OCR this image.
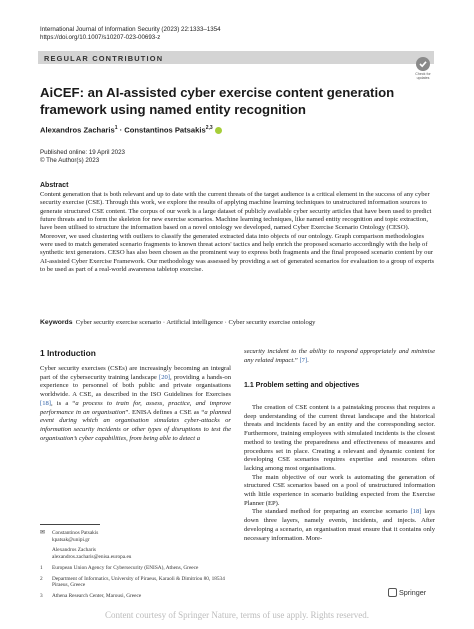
International Journal of Information Security (2023) 22:1333–1354
https://doi.org/10.1007/s10207-023-00693-z
REGULAR CONTRIBUTION
Check for
updates
AiCEF: an AI-assisted cyber exercise content generation framework using named entity recognition
Alexandros Zacharis$^1$ · Constantinos Patsakis$^{2,3}$
Published online: 19 April 2023
© The Author(s) 2023
Abstract

Content generation that is both relevant and up to date with the current threats of the target audience is a critical element in the success of any cyber security exercise (CSE). Through this work, we explore the results of applying machine learning techniques to unstructured information sources to generate structured CSE content. The corpus of our work is a large dataset of publicly available cyber security articles that have been used to predict future threats and to form the skeleton for new exercise scenarios. Machine learning techniques, like named entity recognition and topic extraction, have been utilised to structure the information based on a novel ontology we developed, named Cyber Exercise Scenario Ontology (CESO). Moreover, we used clustering with outliers to classify the generated extracted data into objects of our ontology. Graph comparison methodologies were used to match generated scenario fragments to known threat actors' tactics and help enrich the proposed scenario accordingly with the help of synthetic text generators. CESO has also been chosen as the prominent way to express both fragments and the final proposed scenario content by our AI-assisted Cyber Exercise Framework. Our methodology was assessed by providing a set of generated scenarios for evaluation to a group of experts to be used as part of a real-world awareness tabletop exercise.

Keywords Cyber security exercise scenario · Artificial intelligence · Cyber security exercise ontology
1 Introduction
Cyber security exercises (CSEs) are increasingly becoming an integral part of the cybersecurity training landscape [20], providing a hands-on experience to personnel of both public and private organisations worldwide. A CSE, as described in the ISO Guidelines for Exercises [18], is a “a process to train for, assess, practice, and improve performance in an organisation”. ENISA defines a CSE as “a planned event during which an organisation simulates cyber-attacks or information security incidents or other types of disruptions to test the organisation’s cyber capabilities, from being able to detect a
✉	Constantinos Patsakis
kpatsak@unipi.gr
Alexandros Zacharis
alexandros.zacharis@enisa.europa.eu
1	European Union Agency for Cybersecurity (ENISA), Athens, Greece
2	Department of Informatics, University of Piraeus, Karaoli & Dimitriou 80, 18534 Piraeus, Greece
3	Athena Research Center, Marousi, Greece
security incident to the ability to respond appropriately and minimise any related impact.” [7].
1.1 Problem setting and objectives

The creation of CSE content is a painstaking process that requires a deep understanding of the current threat landscape and the historical threats and incidents faced by an entity and the corresponding sector. Furthermore, training employees with simulated incidents is the closest method to testing the preparedness and effectiveness of measures and procedures set in place. Creating a relevant and dynamic content for developing CSE scenarios requires expertise and resources often lacking among most organisations.

The main objective of our work is automating the generation of structured CSE scenarios based on a pool of unstructured information with little experience in scenario building expected from the Exercise Planner (EP).

The standard method for preparing an exercise scenario [18] lays down three layers, namely events, incidents, and injects. After developing a scenario, an organisation must ensure that it contains only necessary information. More-

Springer
Content courtesy of Springer Nature, terms of use apply. Rights reserved.
